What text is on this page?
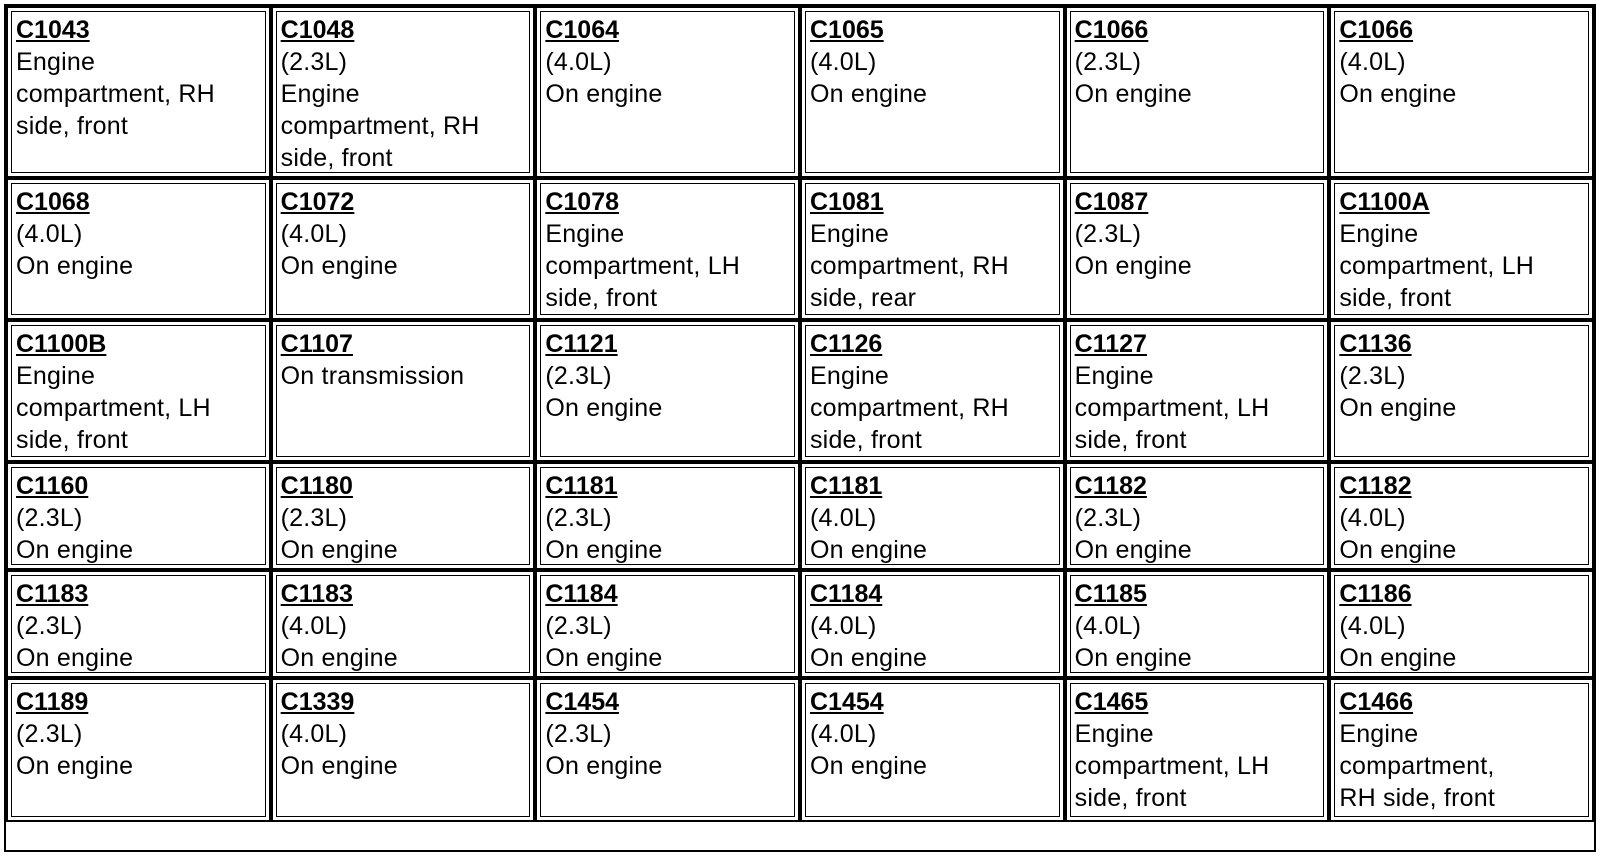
C1043
Engine
compartment, RH
side, front
C1048
(2.3L)
Engine
compartment, RH
side, front
C1064
(4.0L)
On engine
C1065
(4.0L)
On engine
C1066
(2.3L)
On engine
C1066
(4.0L)
On engine
C1068
(4.0L)
On engine
C1072
(4.0L)
On engine
C1078
Engine
compartment, LH
side, front
C1081
Engine
compartment, RH
side, rear
C1087
(2.3L)
On engine
C1100A
Engine
compartment, LH
side, front
C1100B
Engine
compartment, LH
side, front
C1107
On transmission
C1121
(2.3L)
On engine
C1126
Engine
compartment, RH
side, front
C1127
Engine
compartment, LH
side, front
C1136
(2.3L)
On engine
C1160
(2.3L)
On engine
C1180
(2.3L)
On engine
C1181
(2.3L)
On engine
C1181
(4.0L)
On engine
C1182
(2.3L)
On engine
C1182
(4.0L)
On engine
C1183
(2.3L)
On engine
C1183
(4.0L)
On engine
C1184
(2.3L)
On engine
C1184
(4.0L)
On engine
C1185
(4.0L)
On engine
C1186
(4.0L)
On engine
C1189
(2.3L)
On engine
C1339
(4.0L)
On engine
C1454
(2.3L)
On engine
C1454
(4.0L)
On engine
C1465
Engine
compartment, LH
side, front
C1466
Engine
compartment,
RH side, front
